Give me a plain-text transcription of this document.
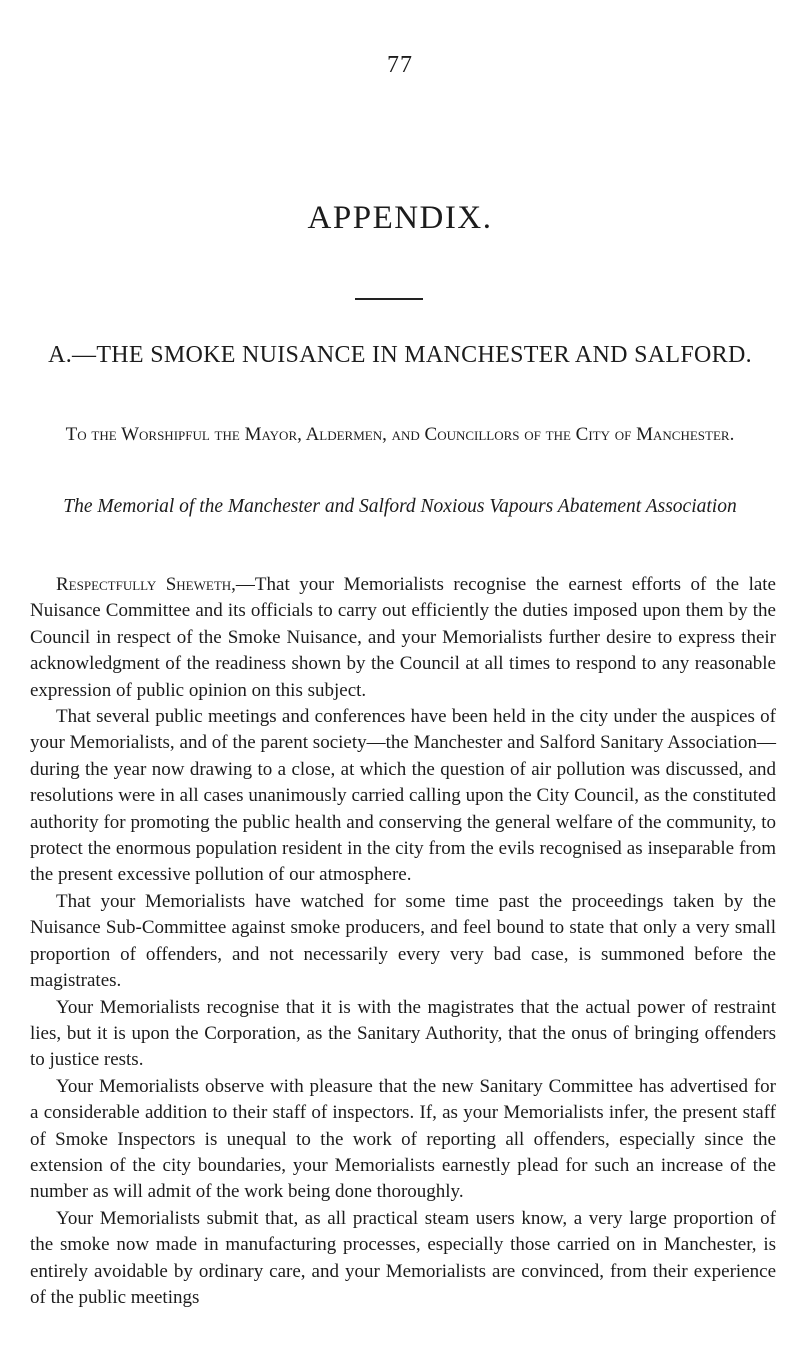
77
APPENDIX.
A.—THE SMOKE NUISANCE IN MANCHESTER AND SALFORD.
To the Worshipful the Mayor, Aldermen, and Councillors of the City of Manchester.
The Memorial of the Manchester and Salford Noxious Vapours Abatement Association

Respectfully Sheweth,—That your Memorialists recognise the earnest efforts of the late Nuisance Committee and its officials to carry out efficiently the duties imposed upon them by the Council in respect of the Smoke Nuisance, and your Memorialists further desire to express their acknowledgment of the readiness shown by the Council at all times to respond to any reasonable expression of public opinion on this subject.

That several public meetings and conferences have been held in the city under the auspices of your Memorialists, and of the parent society—the Manchester and Salford Sanitary Association—during the year now drawing to a close, at which the question of air pollution was discussed, and resolutions were in all cases unanimously carried calling upon the City Council, as the constituted authority for promoting the public health and conserving the general welfare of the community, to protect the enormous population resident in the city from the evils recognised as inseparable from the present excessive pollution of our atmosphere.

That your Memorialists have watched for some time past the proceedings taken by the Nuisance Sub-Committee against smoke producers, and feel bound to state that only a very small proportion of offenders, and not necessarily every very bad case, is summoned before the magistrates.

Your Memorialists recognise that it is with the magistrates that the actual power of restraint lies, but it is upon the Corporation, as the Sanitary Authority, that the onus of bringing offenders to justice rests.

Your Memorialists observe with pleasure that the new Sanitary Committee has advertised for a considerable addition to their staff of inspectors. If, as your Memorialists infer, the present staff of Smoke Inspectors is unequal to the work of reporting all offenders, especially since the extension of the city boundaries, your Memorialists earnestly plead for such an increase of the number as will admit of the work being done thoroughly.

Your Memorialists submit that, as all practical steam users know, a very large proportion of the smoke now made in manufacturing processes, especially those carried on in Manchester, is entirely avoidable by ordinary care, and your Memorialists are convinced, from their experience of the public meetings
